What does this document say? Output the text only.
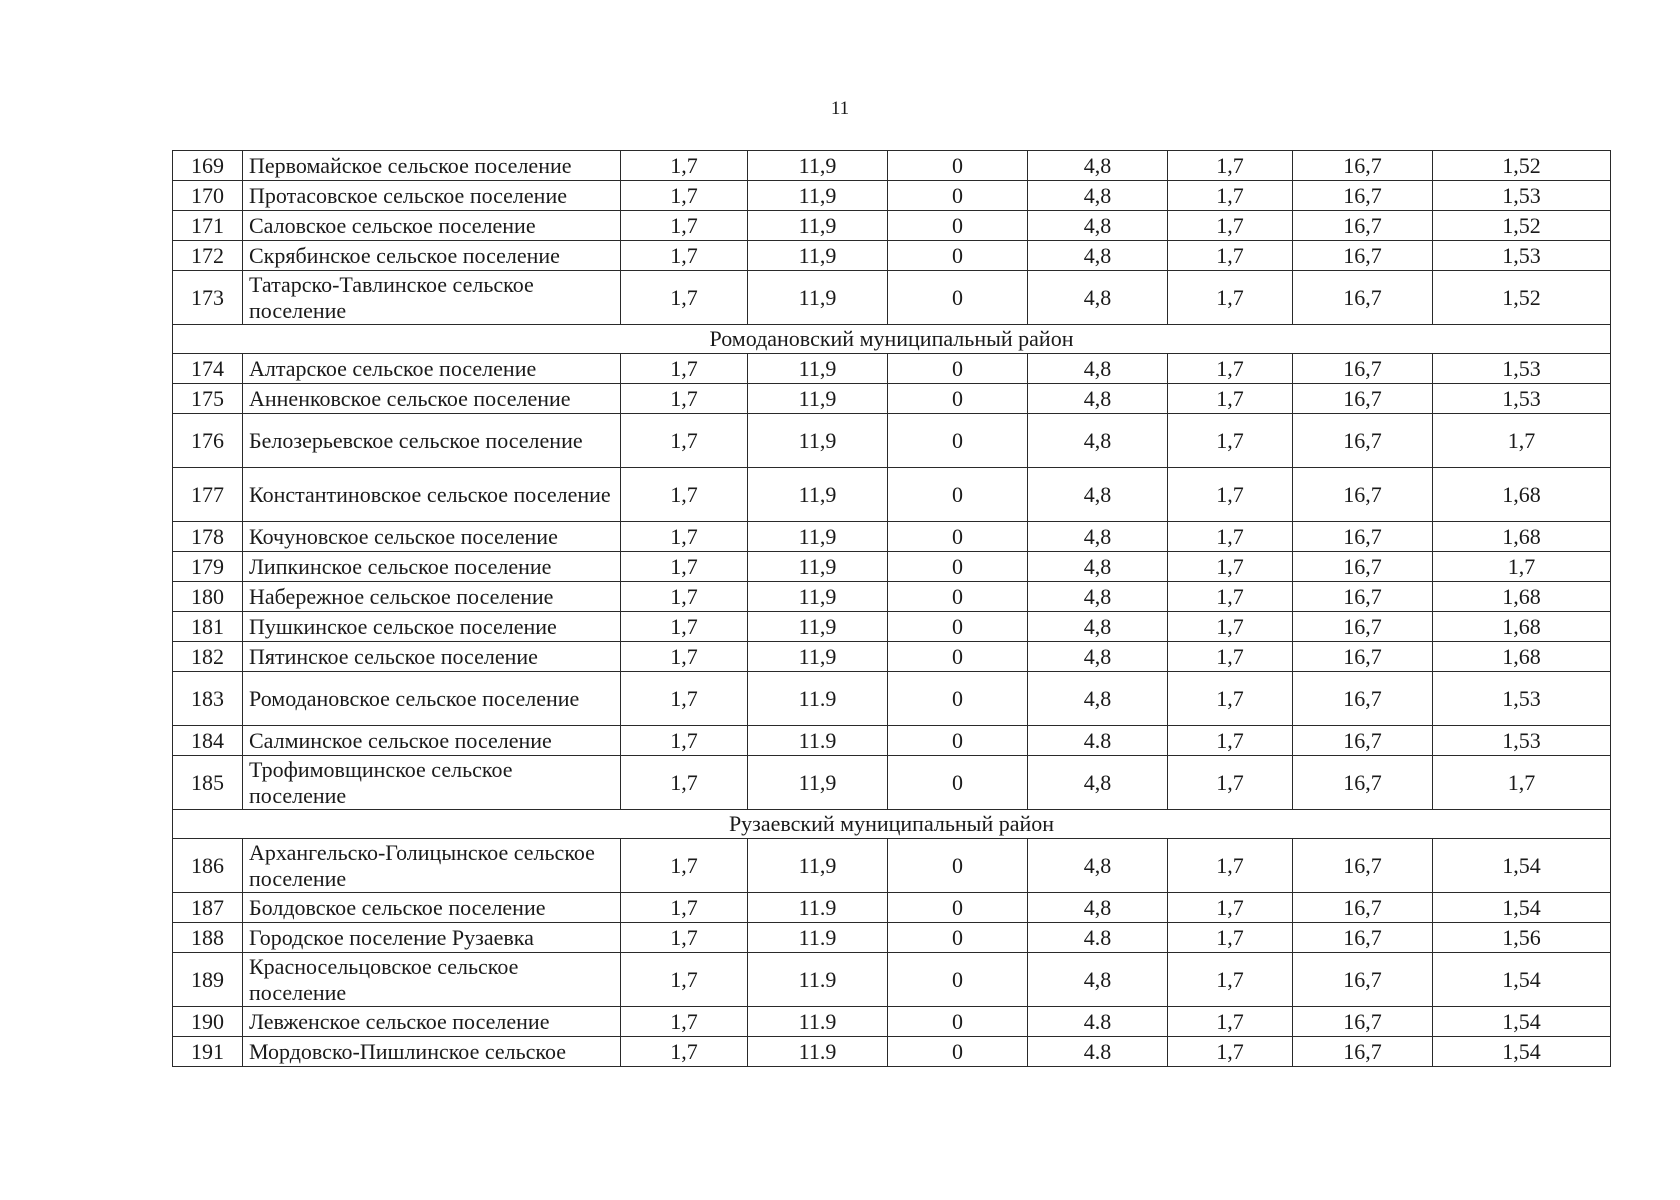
11
169	Первомайское сельское поселение	1,7	11,9	0	4,8	1,7	16,7	1,52
170	Протасовское сельское поселение	1,7	11,9	0	4,8	1,7	16,7	1,53
171	Саловское сельское поселение	1,7	11,9	0	4,8	1,7	16,7	1,52
172	Скрябинское сельское поселение	1,7	11,9	0	4,8	1,7	16,7	1,53
173	Татарско-Тавлинское сельское поселение	1,7	11,9	0	4,8	1,7	16,7	1,52
Ромодановский муниципальный район								
174	Алтарское сельское поселение	1,7	11,9	0	4,8	1,7	16,7	1,53
175	Анненковское сельское поселение	1,7	11,9	0	4,8	1,7	16,7	1,53
176	Белозерьевское сельское поселение	1,7	11,9	0	4,8	1,7	16,7	1,7
177	Константиновское сельское поселение	1,7	11,9	0	4,8	1,7	16,7	1,68
178	Кочуновское сельское поселение	1,7	11,9	0	4,8	1,7	16,7	1,68
179	Липкинское сельское поселение	1,7	11,9	0	4,8	1,7	16,7	1,7
180	Набережное сельское поселение	1,7	11,9	0	4,8	1,7	16,7	1,68
181	Пушкинское сельское поселение	1,7	11,9	0	4,8	1,7	16,7	1,68
182	Пятинское сельское поселение	1,7	11,9	0	4,8	1,7	16,7	1,68
183	Ромодановское сельское поселение	1,7	11.9	0	4,8	1,7	16,7	1,53
184	Салминское сельское поселение	1,7	11.9	0	4.8	1,7	16,7	1,53
185	Трофимовщинское сельское поселение	1,7	11,9	0	4,8	1,7	16,7	1,7
Рузаевский муниципальный район								
186	Архангельско-Голицынское сельское поселение	1,7	11,9	0	4,8	1,7	16,7	1,54
187	Болдовское сельское поселение	1,7	11.9	0	4,8	1,7	16,7	1,54
188	Городское поселение Рузаевка	1,7	11.9	0	4.8	1,7	16,7	1,56
189	Красносельцовское сельское поселение	1,7	11.9	0	4,8	1,7	16,7	1,54
190	Левженское сельское поселение	1,7	11.9	0	4.8	1,7	16,7	1,54
191	Мордовско-Пишлинское сельское	1,7	11.9	0	4.8	1,7	16,7	1,54
